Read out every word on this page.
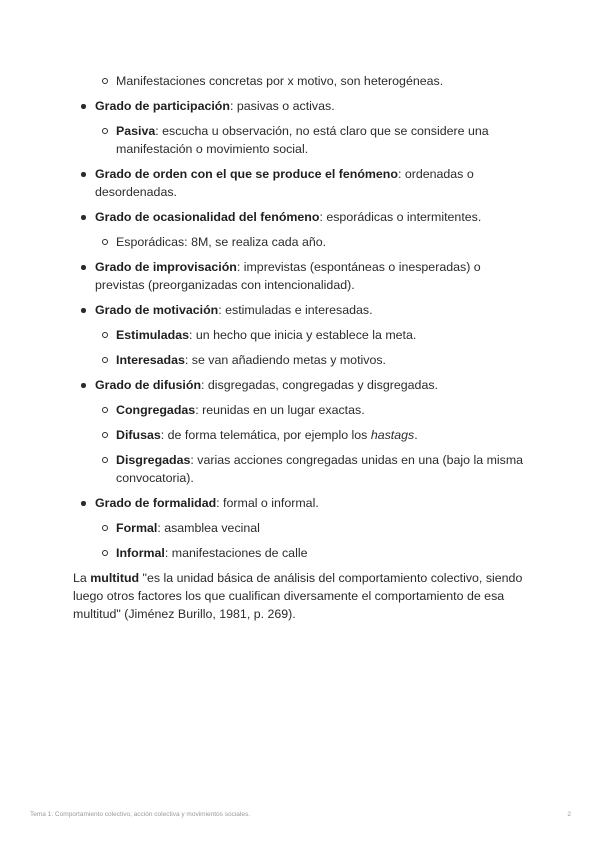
Manifestaciones concretas por x motivo, son heterogéneas.
Grado de participación: pasivas o activas.
Pasiva: escucha u observación, no está claro que se considere una manifestación o movimiento social.
Grado de orden con el que se produce el fenómeno: ordenadas o desordenadas.
Grado de ocasionalidad del fenómeno: esporádicas o intermitentes.
Esporádicas: 8M, se realiza cada año.
Grado de improvisación: imprevistas (espontáneas o inesperadas) o previstas (preorganizadas con intencionalidad).
Grado de motivación: estimuladas e interesadas.
Estimuladas: un hecho que inicia y establece la meta.
Interesadas: se van añadiendo metas y motivos.
Grado de difusión: disgregadas, congregadas y disgregadas.
Congregadas: reunidas en un lugar exactas.
Difusas: de forma telemática, por ejemplo los hastags.
Disgregadas: varias acciones congregadas unidas en una (bajo la misma convocatoria).
Grado de formalidad: formal o informal.
Formal: asamblea vecinal
Informal: manifestaciones de calle

La multitud "es la unidad básica de análisis del comportamiento colectivo, siendo luego otros factores los que cualifican diversamente el comportamiento de esa multitud" (Jiménez Burillo, 1981, p. 269).

Tema 1: Comportamiento colectivo, acción colectiva y movimientos sociales.	2
